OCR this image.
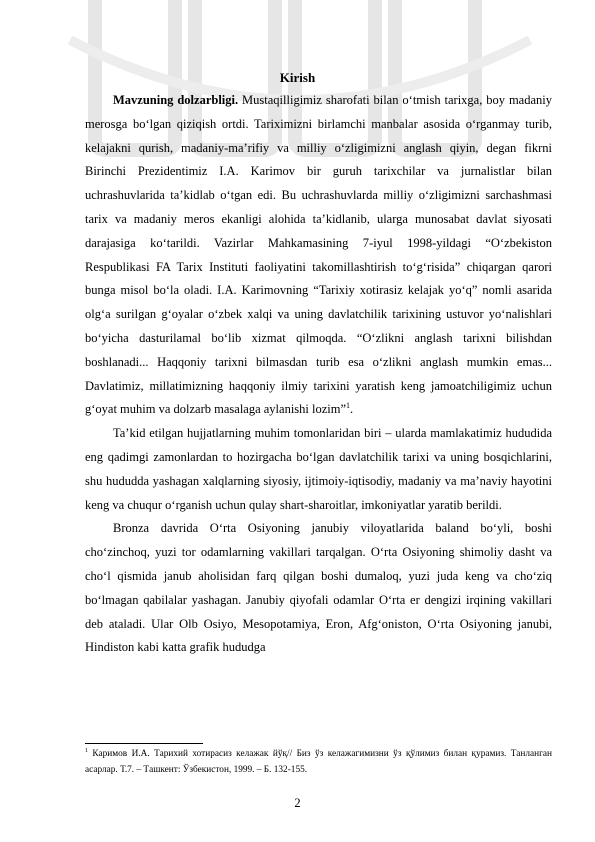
Kirish

Mavzuning dolzarbligi. Mustaqilligimiz sharofati bilan o‘tmish tarixga, boy madaniy merosga bo‘lgan qiziqish ortdi. Tariximizni birlamchi manbalar asosida o‘rganmay turib, kelajakni qurish, madaniy-ma’rifiy va milliy o‘zligimizni anglash qiyin, degan fikrni Birinchi Prezidentimiz I.A. Karimov bir guruh tarixchilar va jurnalistlar bilan uchrashuvlarida ta’kidlab o‘tgan edi. Bu uchrashuvlarda milliy o‘zligimizni sarchashmasi tarix va madaniy meros ekanligi alohida ta’kidlanib, ularga munosabat davlat siyosati darajasiga ko‘tarildi. Vazirlar Mahkamasining 7-iyul 1998-yildagi “O‘zbekiston Respublikasi FA Tarix Instituti faoliyatini takomillashtirish to‘g‘risida” chiqargan qarori bunga misol bo‘la oladi. I.A. Karimovning “Tarixiy xotirasiz kelajak yo‘q” nomli asarida olg‘a surilgan g‘oyalar o‘zbek xalqi va uning davlatchilik tarixining ustuvor yo‘nalishlari bo‘yicha dasturilamal bo‘lib xizmat qilmoqda. “O‘zlikni anglash tarixni bilishdan boshlanadi... Haqqoniy tarixni bilmasdan turib esa o‘zlikni anglash mumkin emas... Davlatimiz, millatimizning haqqoniy ilmiy tarixini yaratish keng jamoatchiligimiz uchun g‘oyat muhim va dolzarb masalaga aylanishi lozim”$^1$.

Ta’kid etilgan hujjatlarning muhim tomonlaridan biri – ularda mamlakatimiz hududida eng qadimgi zamonlardan to hozirgacha bo‘lgan davlatchilik tarixi va uning bosqichlarini, shu hududda yashagan xalqlarning siyosiy, ijtimoiy-iqtisodiy, madaniy va ma’naviy hayotini keng va chuqur o‘rganish uchun qulay shart-sharoitlar, imkoniyatlar yaratib berildi.

Bronza davrida O‘rta Osiyoning janubiy viloyatlarida baland bo‘yli, boshi cho‘zinchoq, yuzi tor odamlarning vakillari tarqalgan. O‘rta Osiyoning shimoliy dasht va cho‘l qismida janub aholisidan farq qilgan boshi dumaloq, yuzi juda keng va cho‘ziq bo‘lmagan qabilalar yashagan. Janubiy qiyofali odamlar O‘rta er dengizi irqining vakillari deb ataladi. Ular Olb Osiyo, Mesopotamiya, Eron, Afg‘oniston, O‘rta Osiyoning janubi, Hindiston kabi katta grafik hududga

$^1$ Каримов И.А. Тарихий хотирасиз келажак йўқ// Биз ўз келажагимизни ўз қўлимиз билан қурамиз. Танланган асарлар. Т.7. – Тaшкент: Ўзбекистон, 1999. – Б. 132-155.
2
